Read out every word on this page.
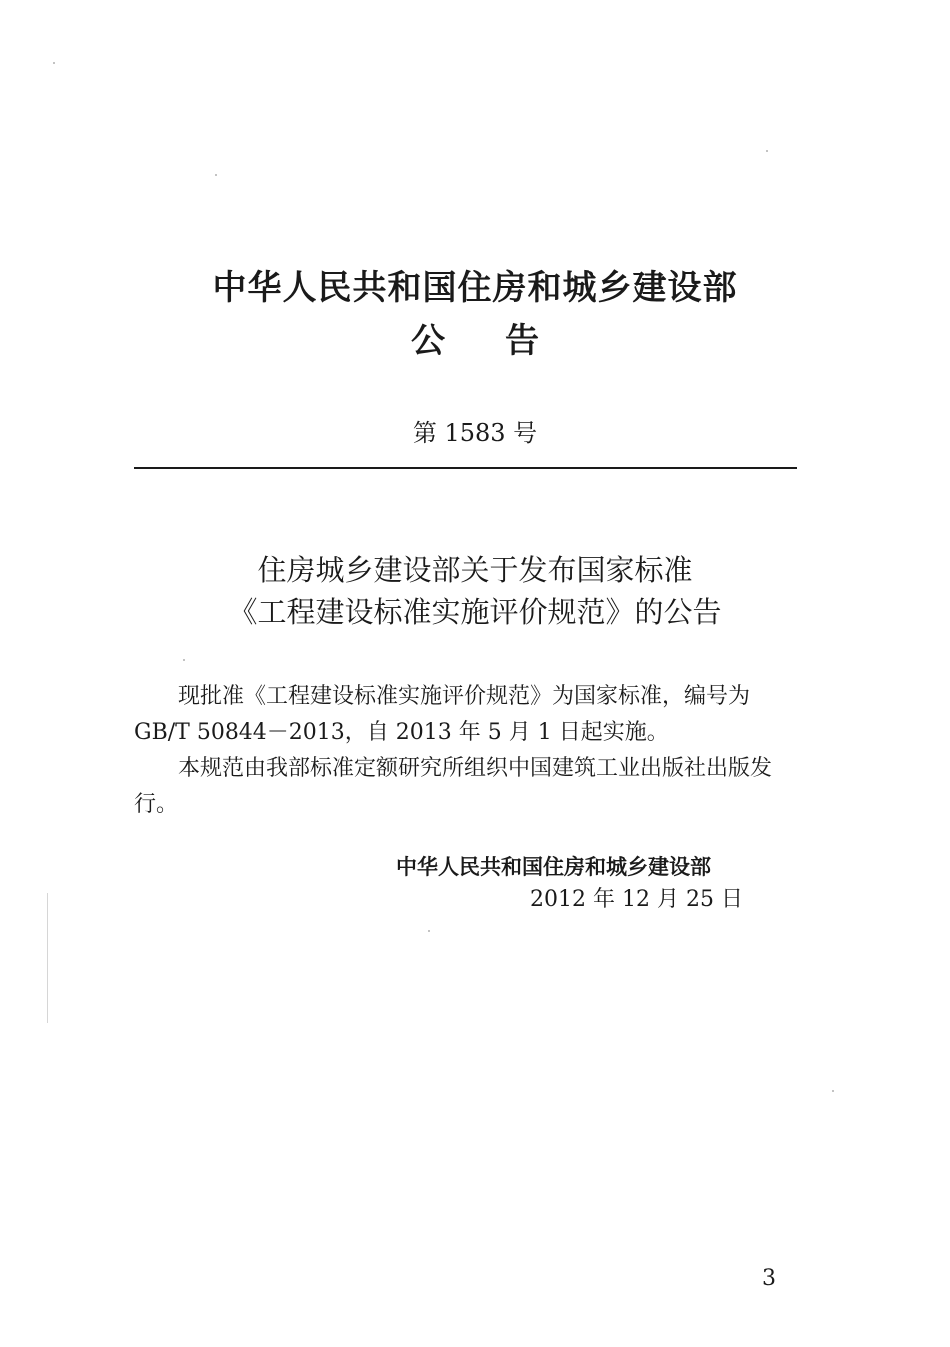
中华人民共和国住房和城乡建设部
公告
第 1583 号
住房城乡建设部关于发布国家标准
《工程建设标准实施评价规范》的公告
现批准《工程建设标准实施评价规范》为国家标准，编号为GB/T 50844－2013，自 2013 年 5 月 1 日起实施。
本规范由我部标准定额研究所组织中国建筑工业出版社出版发行。
中华人民共和国住房和城乡建设部
2012 年 12 月 25 日
3
